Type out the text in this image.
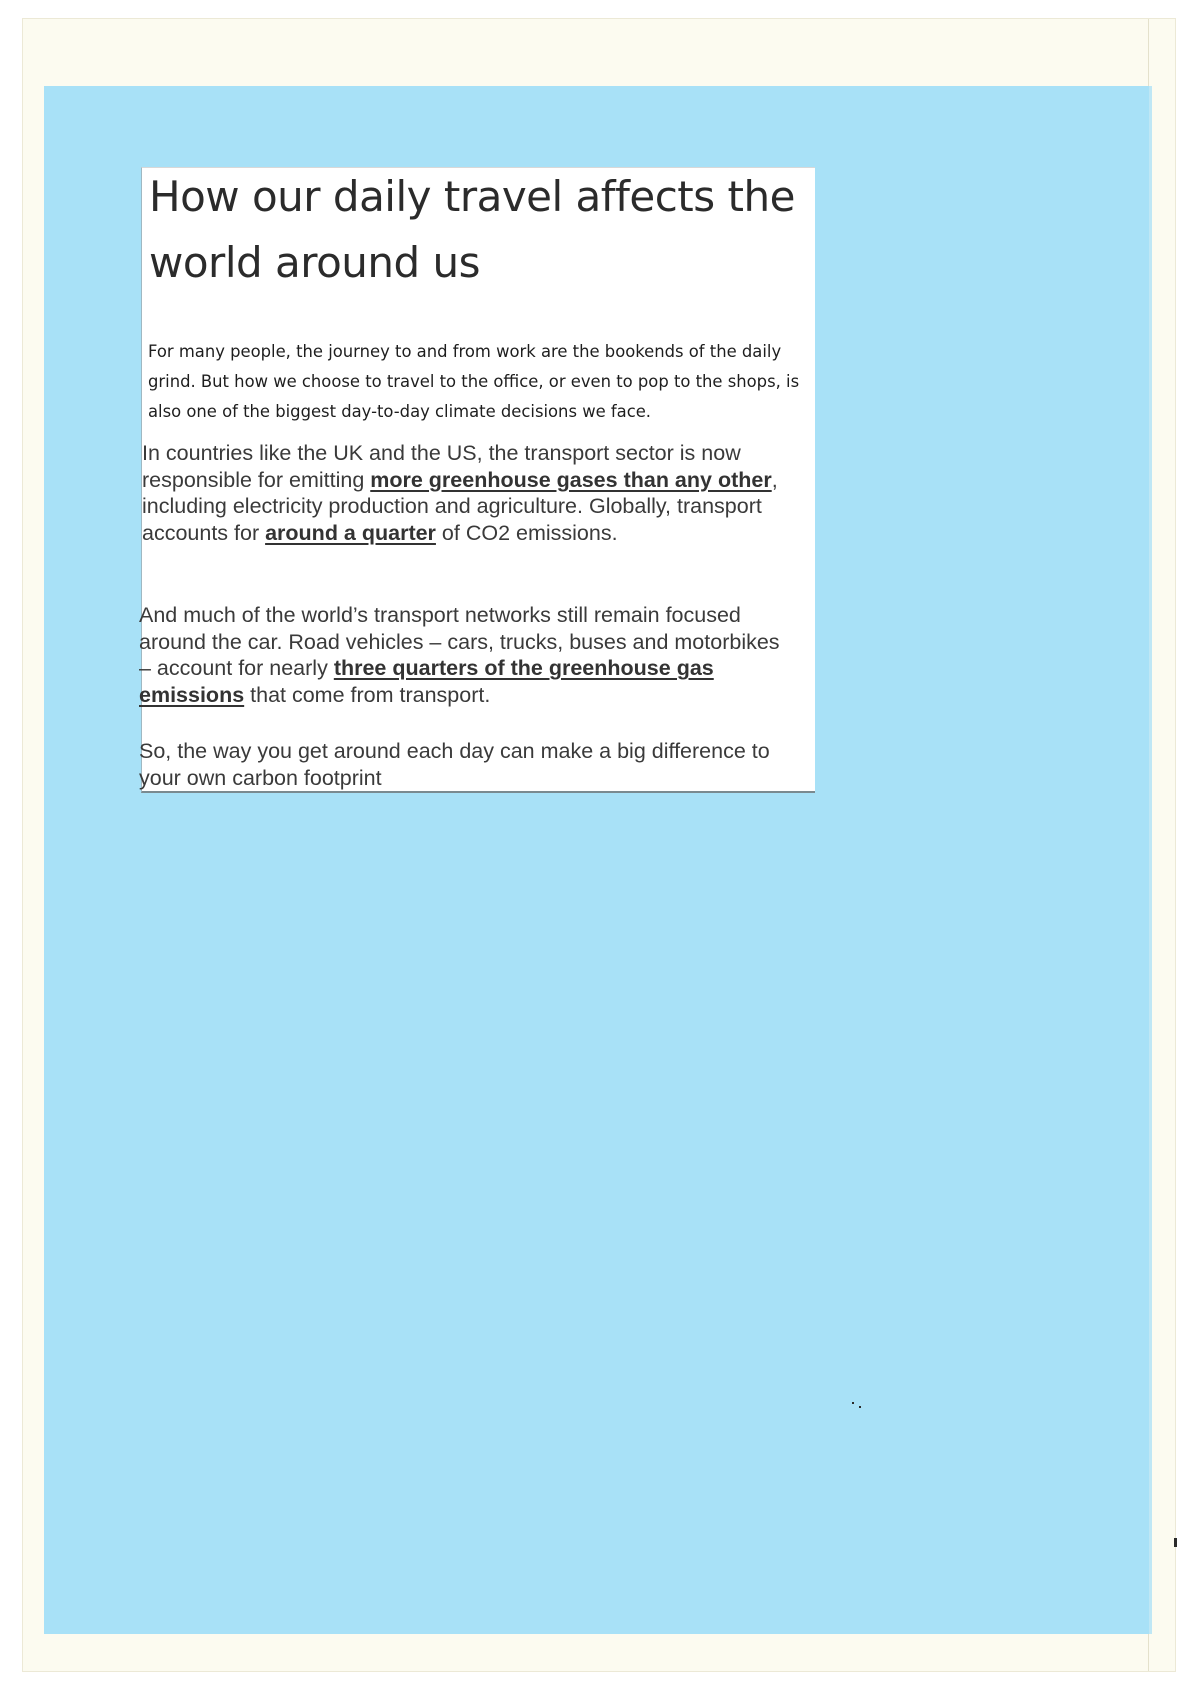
How our daily travel affects the world around us

For many people, the journey to and from work are the bookends of the daily grind. But how we choose to travel to the office, or even to pop to the shops, is also one of the biggest day-to-day climate decisions we face.

In countries like the UK and the US, the transport sector is now responsible for emitting more greenhouse gases than any other, including electricity production and agriculture. Globally, transport accounts for around a quarter of CO2 emissions.

And much of the world’s transport networks still remain focused around the car. Road vehicles – cars, trucks, buses and motorbikes – account for nearly three quarters of the greenhouse gas emissions that come from transport.

So, the way you get around each day can make a big difference to your own carbon footprint
